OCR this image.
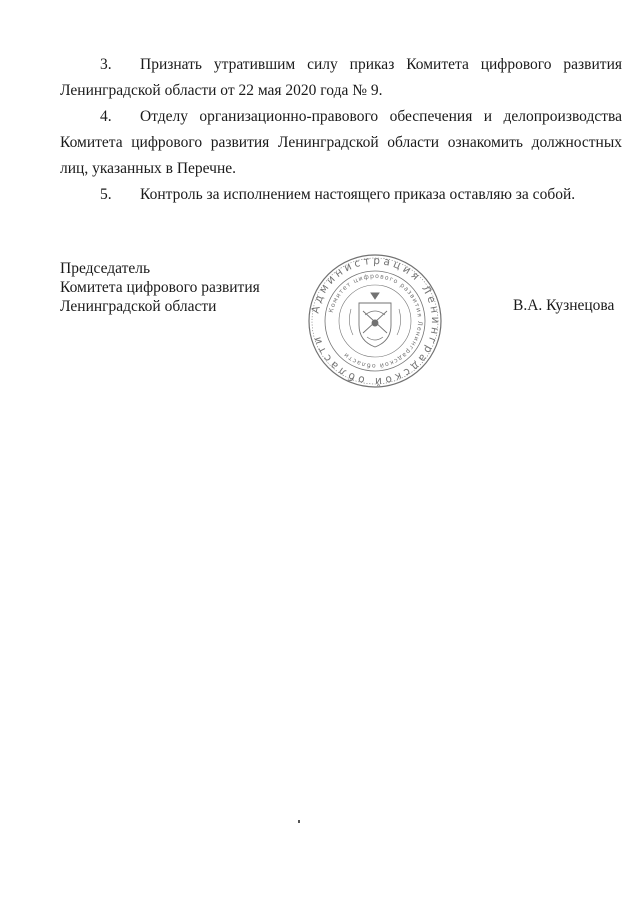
3. Признать утратившим силу приказ Комитета цифрового развития Ленинградской области от 22 мая 2020 года № 9.
4. Отделу организационно-правового обеспечения и делопроизводства Комитета цифрового развития Ленинградской области ознакомить должностных лиц, указанных в Перечне.
5. Контроль за исполнением настоящего приказа оставляю за собой.
Председатель
Комитета цифрового развития
Ленинградской области	Администрация Ленинградской области
Комитет цифрового развития Ленинградской области
В.А. Кузнецова
